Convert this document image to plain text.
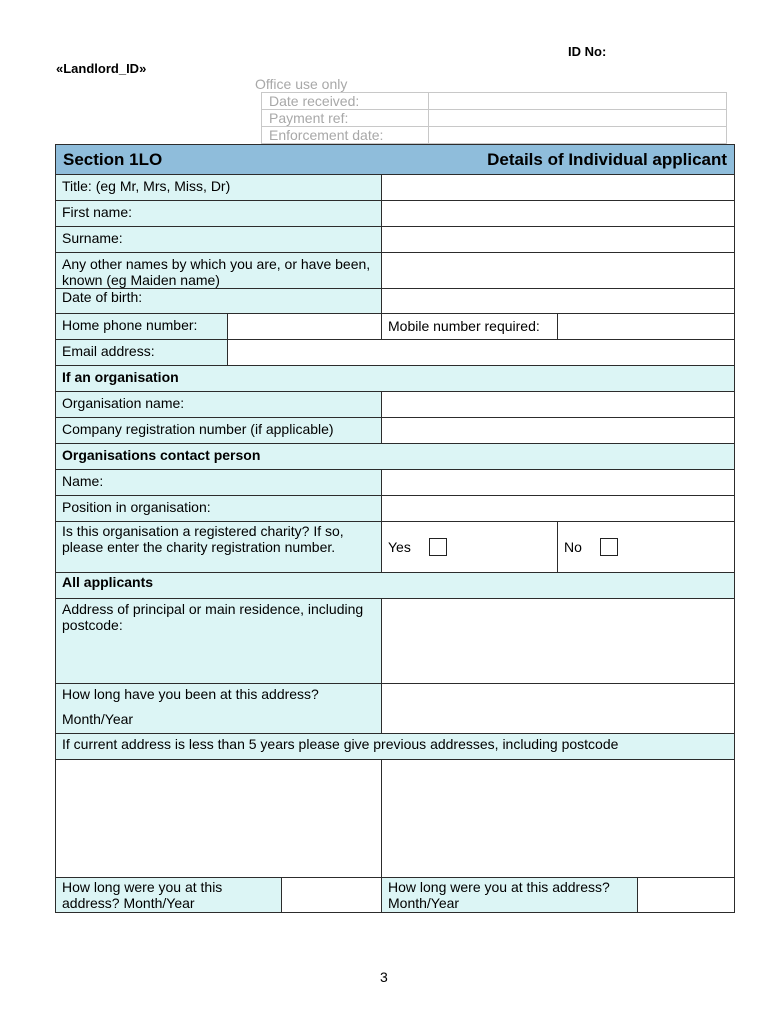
ID No:
«Landlord_ID»
Office use only
Date received:	
Payment ref:	
Enforcement date:	
Section 1LO Details of Individual applicant					

Title: (eg Mr, Mrs, Miss, Dr)					
First name:					
Surname:					
Any other names by which you are, or have been, known (eg Maiden name)					
Date of birth:					
Home phone number:			Mobile number required:		
Email address:					
If an organisation					
Organisation name:					
Company registration number (if applicable)					
Organisations contact person					
Name:					
Position in organisation:					
Is this organisation a registered charity? If so, please enter the charity registration number.			Yes	No	

All applicants					
Address of principal or main residence, including postcode:					

How long have you been at this address?
Month/Year					

If current address is less than 5 years please give previous addresses, including postcode					

How long were you at this address? Month/Year			How long were you at this address? Month/Year		
3
